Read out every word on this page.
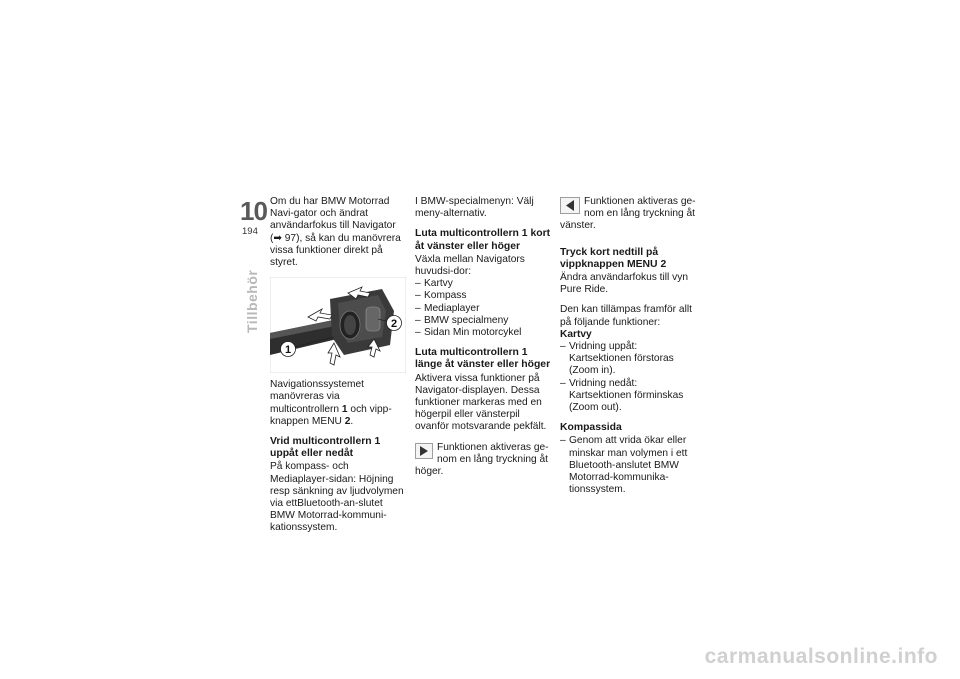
10
194
Tillbehör

Om du har BMW Motorrad Navi-gator och ändrat användarfokus till Navigator (➡ 97), så kan du manövrera vissa funktioner direkt på styret.

1
2

Navigationssystemet manövreras via multicontrollern 1 och vipp-knappen MENU 2.

Vrid multicontrollern 1 uppåt eller nedåt

På kompass- och Mediaplayer-sidan: Höjning resp sänkning av ljudvolymen via ettBluetooth-an-slutet BMW Motorrad-kommuni-kationssystem.

I BMW-specialmenyn: Välj meny-alternativ.

Luta multicontrollern 1 kort åt vänster eller höger

Växla mellan Navigators huvudsi-dor:

– Kartvy
– Kompass
– Mediaplayer
– BMW specialmeny
– Sidan Min motorcykel
Luta multicontrollern 1 länge åt vänster eller höger

Aktivera vissa funktioner på Navigator-displayen. Dessa funktioner markeras med en högerpil eller vänsterpil ovanför motsvarande pekfält.

Funktionen aktiveras ge-nom en lång tryckning åt höger.

Funktionen aktiveras ge-nom en lång tryckning åt vänster.

Tryck kort nedtill på vippknappen MENU 2

Ändra användarfokus till vyn Pure Ride.

Den kan tillämpas framför allt på följande funktioner:

Kartvy

– Vridning uppåt: Kartsektionen förstoras (Zoom in).
– Vridning nedåt: Kartsektionen förminskas (Zoom out).
Kompassida
– Genom att vrida ökar eller minskar man volymen i ett Bluetooth-anslutet BMW Motorrad-kommunika-tionssystem.
carmanualsonline.info
